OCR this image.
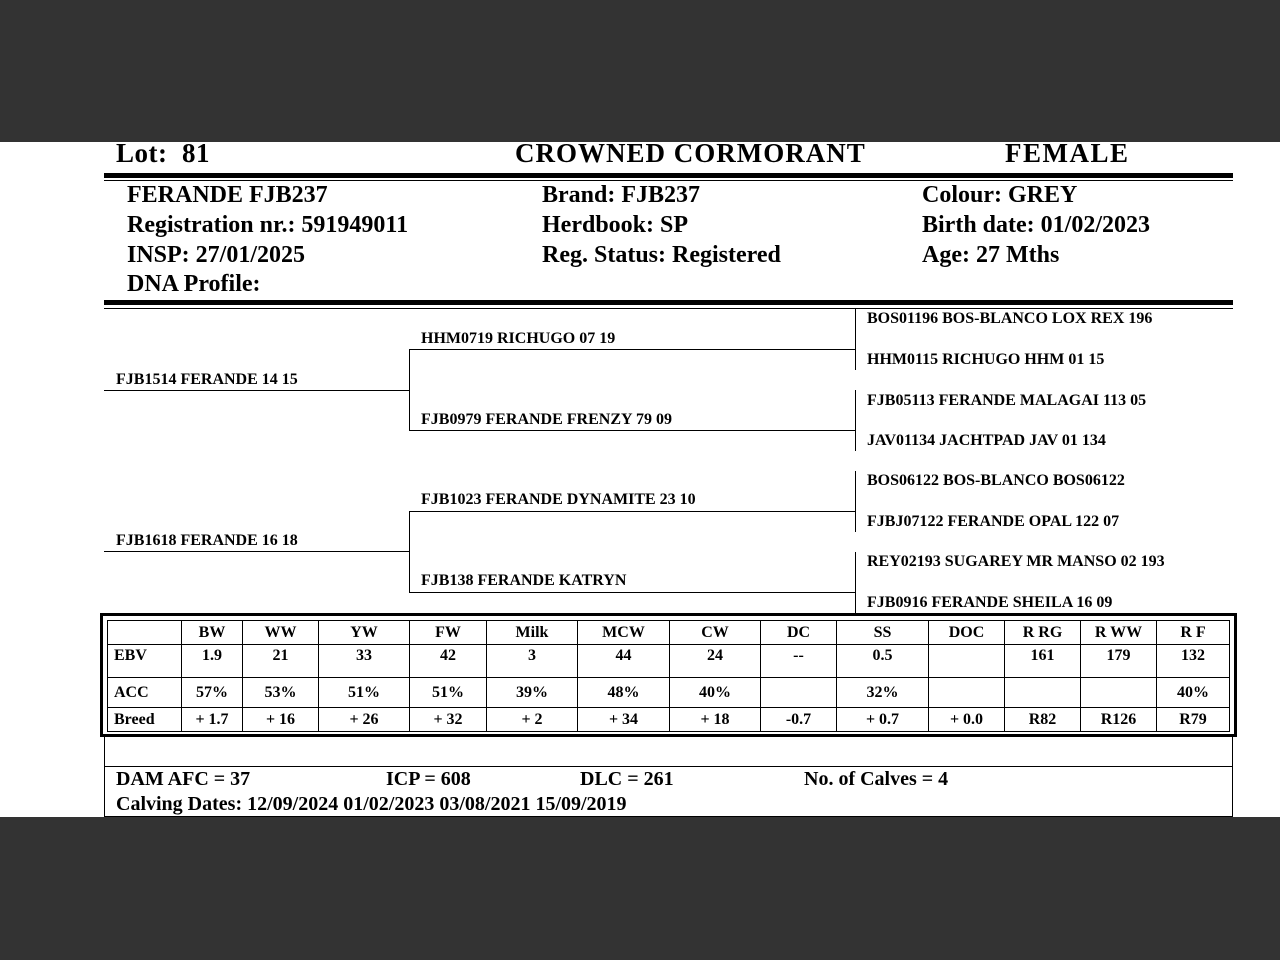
Lot: 81	CROWNED CORMORANT	FEMALE
FERANDE FJB237
Registration nr.: 591949011
INSP: 27/01/2025
DNA Profile:
Brand: FJB237
Herdbook: SP
Reg. Status: Registered
Colour: GREY
Birth date: 01/02/2023
Age: 27 Mths
FJB1514 FERANDE 14 15
FJB1618 FERANDE 16 18
HHM0719 RICHUGO 07 19
FJB0979 FERANDE FRENZY 79 09
FJB1023 FERANDE DYNAMITE 23 10
FJB138 FERANDE KATRYN
BOS01196 BOS-BLANCO LOX REX 196
HHM0115 RICHUGO HHM 01 15
FJB05113 FERANDE MALAGAI 113 05
JAV01134 JACHTPAD JAV 01 134
BOS06122 BOS-BLANCO BOS06122
FJBJ07122 FERANDE OPAL 122 07
REY02193 SUGAREY MR MANSO 02 193
FJB0916 FERANDE SHEILA 16 09
	BW	WW	YW	FW	Milk	MCW	CW	DC	SS	DOC	R RG	R WW	R F
EBV	1.9	21	33	42	3	44	24	--	0.5		161	179	132
ACC	57%	53%	51%	51%	39%	48%	40%		32%				40%
Breed	+ 1.7	+ 16	+ 26	+ 32	+ 2	+ 34	+ 18	-0.7	+ 0.7	+ 0.0	R82	R126	R79
DAM AFC = 37	ICP = 608	DLC = 261	No. of Calves = 4
Calving Dates: 12/09/2024 01/02/2023 03/08/2021 15/09/2019
